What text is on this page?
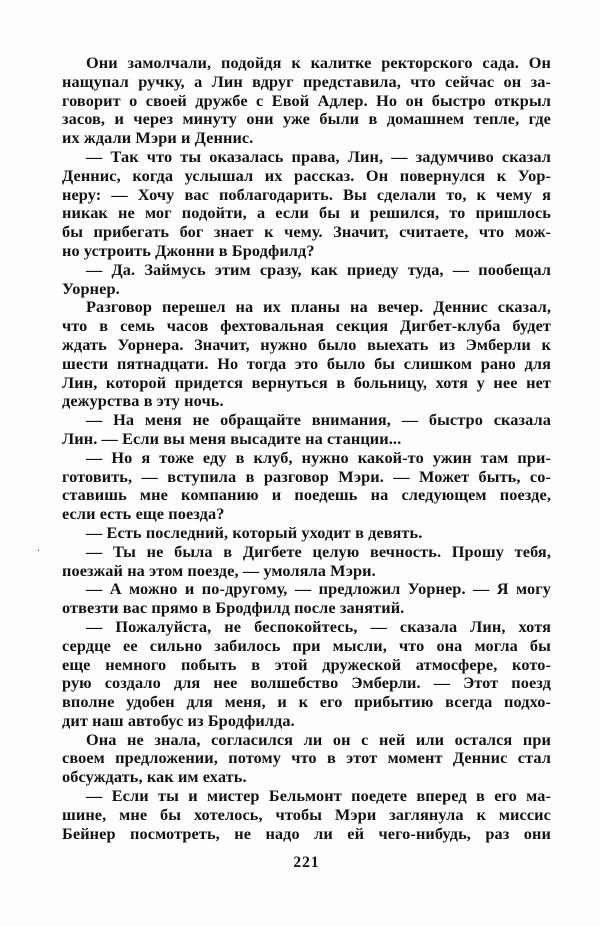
.
Они замолчали, подойдя к калитке ректорского сада. Он
нащупал ручку, а Лин вдруг представила, что сейчас он за-
говорит о своей дружбе с Евой Адлер. Но он быстро открыл
засов, и через минуту они уже были в домашнем тепле, где
их ждали Мэри и Деннис.
— Так что ты оказалась права, Лин, — задумчиво сказал
Деннис, когда услышал их рассказ. Он повернулся к Уор-
неру: — Хочу вас поблагодарить. Вы сделали то, к чему я
никак не мог подойти, а если бы и решился, то пришлось
бы прибегать бог знает к чему. Значит, считаете, что мож-
но устроить Джонни в Бродфилд?
— Да. Займусь этим сразу, как приеду туда, — пообещал
Уорнер.
Разговор перешел на их планы на вечер. Деннис сказал,
что в семь часов фехтовальная секция Дигбет-клуба будет
ждать Уорнера. Значит, нужно было выехать из Эмберли к
шести пятнадцати. Но тогда это было бы слишком рано для
Лин, которой придется вернуться в больницу, хотя у нее нет
дежурства в эту ночь.
— На меня не обращайте внимания, — быстро сказала
Лин. — Если вы меня высадите на станции...
— Но я тоже еду в клуб, нужно какой-то ужин там при-
готовить, — вступила в разговор Мэри. — Может быть, со-
ставишь мне компанию и поедешь на следующем поезде,
если есть еще поезда?
— Есть последний, который уходит в девять.
— Ты не была в Дигбете целую вечность. Прошу тебя,
поезжай на этом поезде, — умоляла Мэри.
— А можно и по-другому, — предложил Уорнер. — Я могу
отвезти вас прямо в Бродфилд после занятий.
— Пожалуйста, не беспокойтесь, — сказала Лин, хотя
сердце ее сильно забилось при мысли, что она могла бы
еще немного побыть в этой дружеской атмосфере, кото-
рую создало для нее волшебство Эмберли. — Этот поезд
вполне удобен для меня, и к его прибытию всегда подхо-
дит наш автобус из Бродфилда.
Она не знала, согласился ли он с ней или остался при
своем предложении, потому что в этот момент Деннис стал
обсуждать, как им ехать.
— Если ты и мистер Бельмонт поедете вперед в его ма-
шине, мне бы хотелось, чтобы Мэри заглянула к миссис
Бейнер посмотреть, не надо ли ей чего-нибудь, раз они
221
